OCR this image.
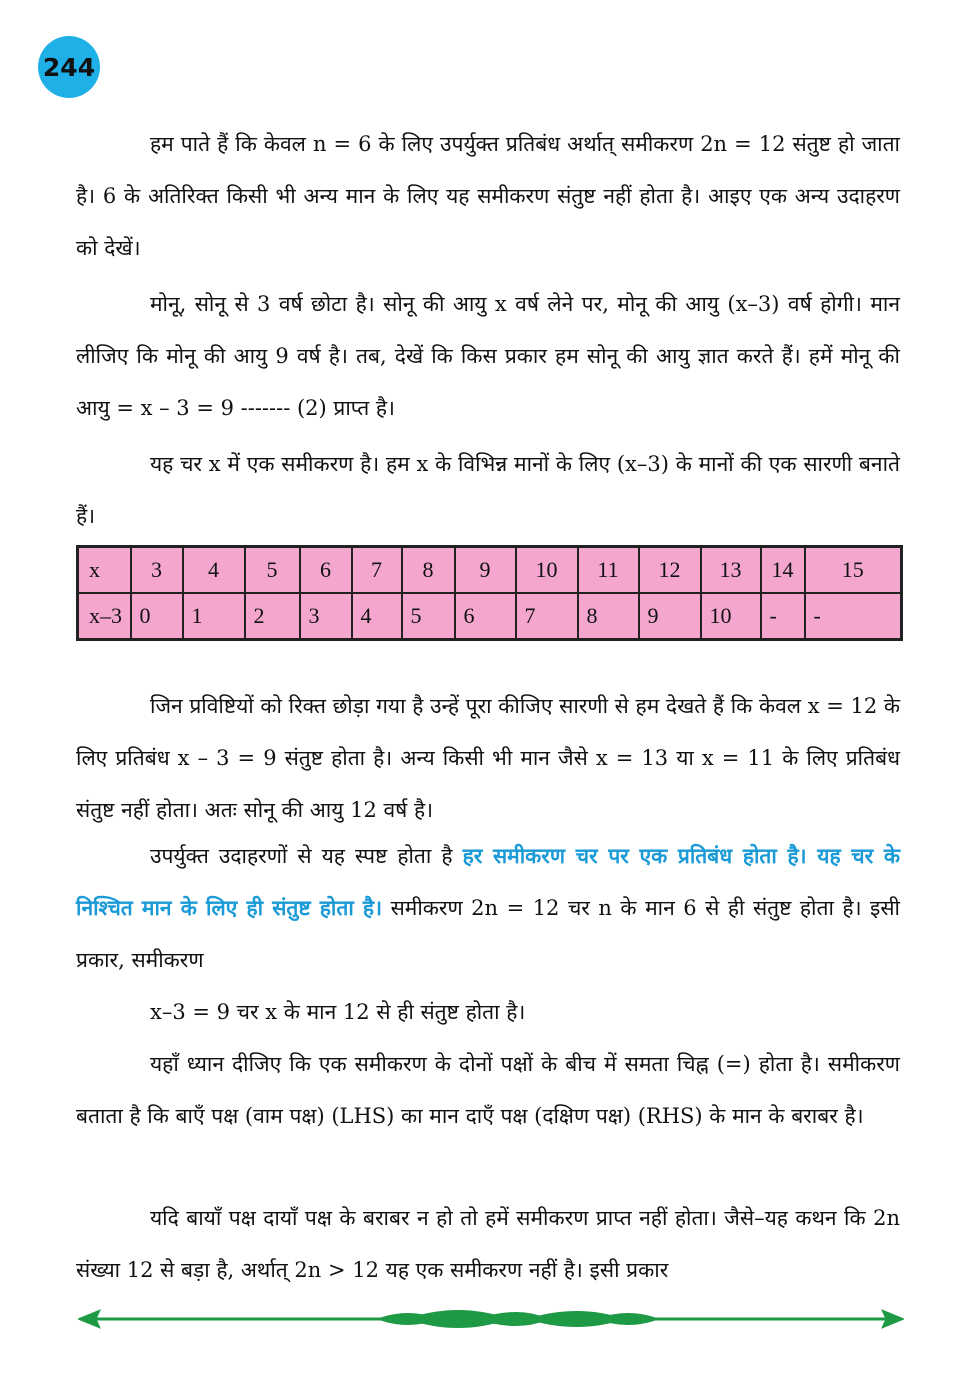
244

हम पाते हैं कि केवल n = 6 के लिए उपर्युक्त प्रतिबंध अर्थात् समीकरण 2n = 12 संतुष्ट हो जाता है। 6 के अतिरिक्त किसी भी अन्य मान के लिए यह समीकरण संतुष्ट नहीं होता है। आइए एक अन्य उदाहरण को देखें।

मोनू, सोनू से 3 वर्ष छोटा है। सोनू की आयु x वर्ष लेने पर, मोनू की आयु (x–3) वर्ष होगी। मान लीजिए कि मोनू की आयु 9 वर्ष है। तब, देखें कि किस प्रकार हम सोनू की आयु ज्ञात करते हैं। हमें मोनू की आयु = x – 3 = 9 ------- (2) प्राप्त है।

यह चर x में एक समीकरण है। हम x के विभिन्न मानों के लिए (x–3) के मानों की एक सारणी बनाते हैं।

x	3	4	5	6	7	8	9	10	11	12	13	14	15
x–3	0	1	2	3	4	5	6	7	8	9	10	-	-

जिन प्रविष्टियों को रिक्त छोड़ा गया है उन्हें पूरा कीजिए सारणी से हम देखते हैं कि केवल x = 12 के लिए प्रतिबंध x – 3 = 9 संतुष्ट होता है। अन्य किसी भी मान जैसे x = 13 या x = 11 के लिए प्रतिबंध संतुष्ट नहीं होता। अतः सोनू की आयु 12 वर्ष है।

उपर्युक्त उदाहरणों से यह स्पष्ट होता है हर समीकरण चर पर एक प्रतिबंध होता है। यह चर के निश्चित मान के लिए ही संतुष्ट होता है। समीकरण 2n = 12 चर n के मान 6 से ही संतुष्ट होता है। इसी प्रकार, समीकरण

x–3 = 9 चर x के मान 12 से ही संतुष्ट होता है।

यहाँ ध्यान दीजिए कि एक समीकरण के दोनों पक्षों के बीच में समता चिह्न (=) होता है। समीकरण बताता है कि बाएँ पक्ष (वाम पक्ष) (LHS) का मान दाएँ पक्ष (दक्षिण पक्ष) (RHS) के मान के बराबर है।

यदि बायाँ पक्ष दायाँ पक्ष के बराबर न हो तो हमें समीकरण प्राप्त नहीं होता। जैसे–यह कथन कि 2n संख्या 12 से बड़ा है, अर्थात् 2n > 12 यह एक समीकरण नहीं है। इसी प्रकार
